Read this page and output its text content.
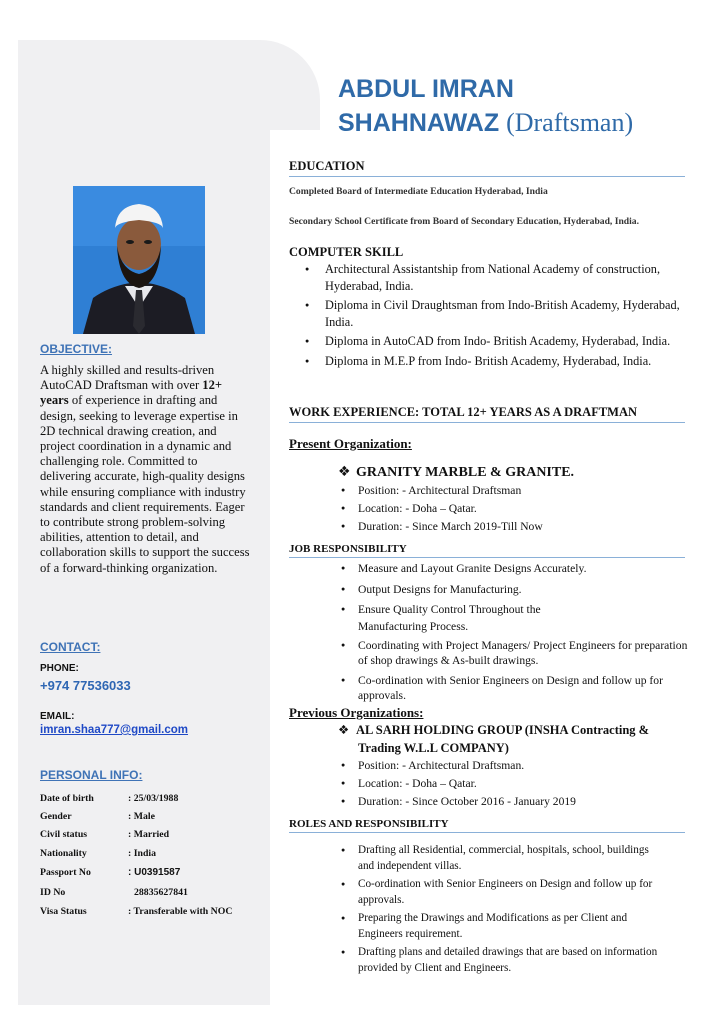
OBJECTIVE:
A highly skilled and results-driven AutoCAD Draftsman with over 12+ years of experience in drafting and design, seeking to leverage expertise in 2D technical drawing creation, and project coordination in a dynamic and challenging role. Committed to delivering accurate, high-quality designs while ensuring compliance with industry standards and client requirements. Eager to contribute strong problem-solving abilities, attention to detail, and collaboration skills to support the success of a forward-thinking organization.
CONTACT:
PHONE:
+974 77536033
EMAIL:
imran.shaa777@gmail.com
PERSONAL INFO:
Date of birth	: 25/03/1988
Gender	: Male
Civil status	: Married
Nationality	: India
Passport No	: U0391587
ID No	28835627841
Visa Status	: Transferable with NOC
ABDUL IMRAN
SHAHNAWAZ (Draftsman)
EDUCATION
Completed Board of Intermediate Education Hyderabad, India
Secondary School Certificate from Board of Secondary Education, Hyderabad, India.
COMPUTER SKILL
● Architectural Assistantship from National Academy of construction, Hyderabad, India.
● Diploma in Civil Draughtsman from Indo-British Academy, Hyderabad, India.
● Diploma in AutoCAD from Indo- British Academy, Hyderabad, India.
● Diploma in M.E.P from Indo- British Academy, Hyderabad, India.
WORK EXPERIENCE: TOTAL 12+ YEARS AS A DRAFTMAN
Present Organization:
❖ GRANITY MARBLE & GRANITE.
● Position: - Architectural Draftsman
● Location: - Doha – Qatar.
● Duration: - Since March 2019-Till Now
JOB RESPONSIBILITY
● Measure and Layout Granite Designs Accurately.
● Output Designs for Manufacturing.
● Ensure Quality Control Throughout the Manufacturing Process.
● Coordinating with Project Managers/ Project Engineers for preparation of shop drawings & As-built drawings.
● Co-ordination with Senior Engineers on Design and follow up for approvals.
Previous Organizations:
❖ AL SARH HOLDING GROUP (INSHA Contracting &
Trading W.L.L COMPANY)
● Position: - Architectural Draftsman.
● Location: - Doha – Qatar.
● Duration: - Since October 2016 - January 2019
ROLES AND RESPONSIBILITY
● Drafting all Residential, commercial, hospitals, school, buildings and independent villas.
● Co-ordination with Senior Engineers on Design and follow up for approvals.
● Preparing the Drawings and Modifications as per Client and Engineers requirement.
● Drafting plans and detailed drawings that are based on information provided by Client and Engineers.
